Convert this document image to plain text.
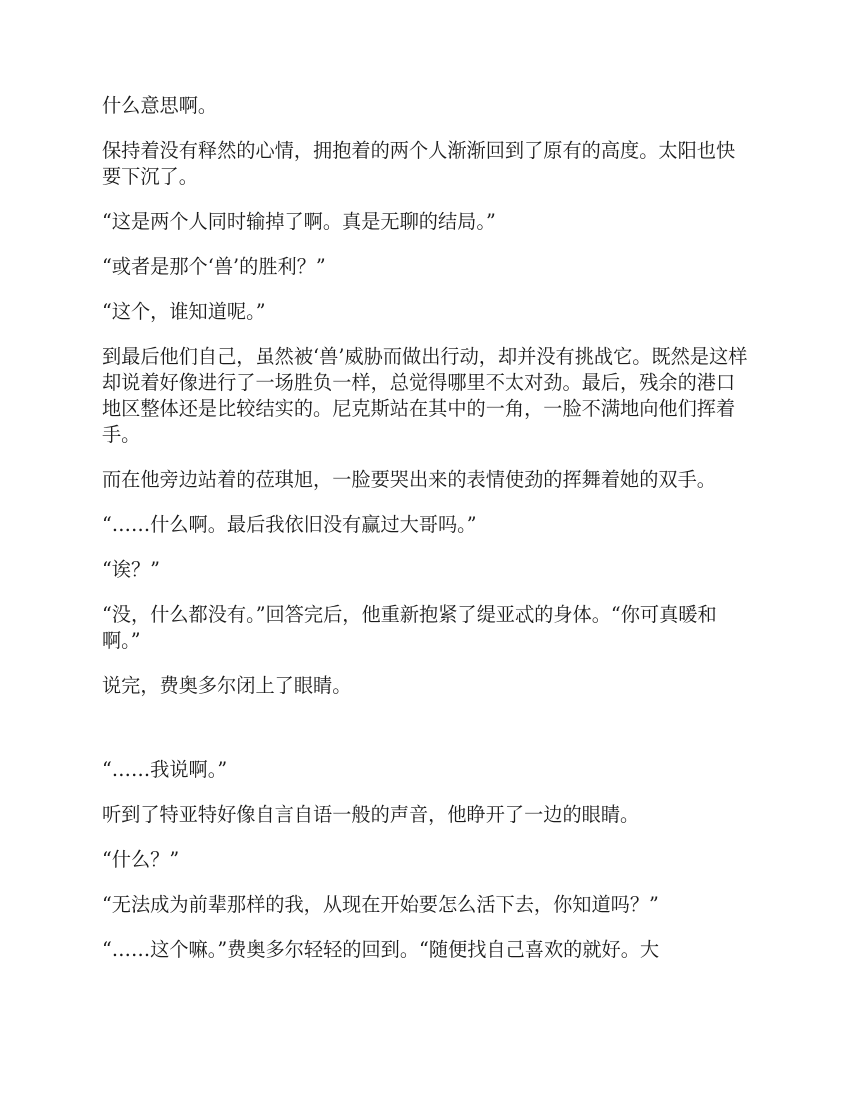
什么意思啊。

保持着没有释然的心情，拥抱着的两个人渐渐回到了原有的高度。太阳也快要下沉了。

“这是两个人同时输掉了啊。真是无聊的结局。”

“或者是那个‘兽’的胜利？”

“这个，谁知道呢。”

到最后他们自己，虽然被‘兽’威胁而做出行动，却并没有挑战它。既然是这样却说着好像进行了一场胜负一样，总觉得哪里不太对劲。最后，残余的港口地区整体还是比较结实的。尼克斯站在其中的一角，一脸不满地向他们挥着手。

而在他旁边站着的莅琪旭，一脸要哭出来的表情使劲的挥舞着她的双手。

“……什么啊。最后我依旧没有赢过大哥吗。”

“诶？”

“没，什么都没有。”回答完后，他重新抱紧了缇亚忒的身体。“你可真暖和啊。”

说完，费奥多尔闭上了眼睛。

“……我说啊。”

听到了特亚特好像自言自语一般的声音，他睁开了一边的眼睛。

“什么？”

“无法成为前辈那样的我，从现在开始要怎么活下去，你知道吗？”

“……这个嘛。”费奥多尔轻轻的回到。“随便找自己喜欢的就好。大
